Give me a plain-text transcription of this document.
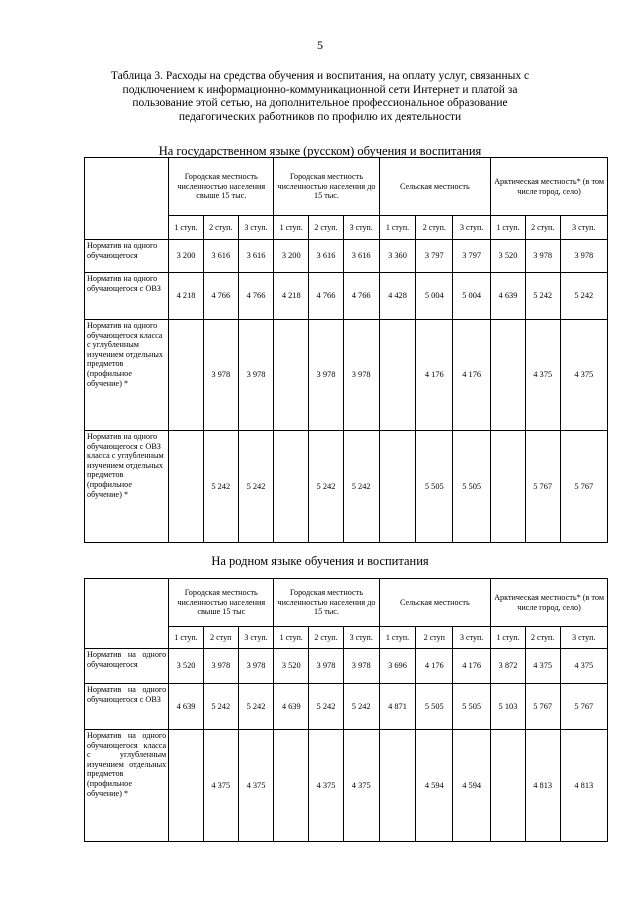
5
Таблица 3. Расходы на средства обучения и воспитания, на оплату услуг, связанных с
подключением к информационно-коммуникационной сети Интернет и платой за
пользование этой сетью, на дополнительное профессиональное образование
педагогических работников по профилю их деятельности
На государственном языке (русском) обучения и воспитания
	Городская местность численностью населения свыше 15 тыс.			Городская местность численностью населения до 15 тыс.			Сельская местность			Арктическая местность* (в том числе город, село)		
	1 ступ.	2 ступ.	3 ступ.	1 ступ.	2 ступ.	3 ступ.	1 ступ.	2 ступ.	3 ступ.	1 ступ.	2 ступ.	3 ступ.
Норматив на одного обучающегося	3 200	3 616	3 616	3 200	3 616	3 616	3 360	3 797	3 797	3 520	3 978	3 978
Норматив на одного обучающегося с ОВЗ	4 218	4 766	4 766	4 218	4 766	4 766	4 428	5 004	5 004	4 639	5 242	5 242
Норматив на одного обучающегося класса с углубленным изучением отдельных предметов (профильное обучение) *		3 978	3 978		3 978	3 978		4 176	4 176		4 375	4 375
Норматив на одного обучающегося с ОВЗ класса с углубленным изучением отдельных предметов (профильное обучение) *		5 242	5 242		5 242	5 242		5 505	5 505		5 767	5 767
На родном языке обучения и воспитания
	Городская местность численностью населения свыше 15 тыс			Городская местность численностью населения до 15 тыс.			Сельская местность			Арктическая местность* (в том числе город, село)		
	1 ступ.	2 ступ	3 ступ.	1 ступ.	2 ступ.	3 ступ.	1 ступ.	2 ступ	3 ступ.	1 ступ.	2 ступ.	3 ступ.
Норматив на одного обучающегося	3 520	3 978	3 978	3 520	3 978	3 978	3 696	4 176	4 176	3 872	4 375	4 375
Норматив на одного обучающегося с ОВЗ	4 639	5 242	5 242	4 639	5 242	5 242	4 871	5 505	5 505	5 103	5 767	5 767
Норматив на одного обучающегося класса с углубленным изучением отдельных предметов (профильное обучение) *		4 375	4 375		4 375	4 375		4 594	4 594		4 813	4 813
